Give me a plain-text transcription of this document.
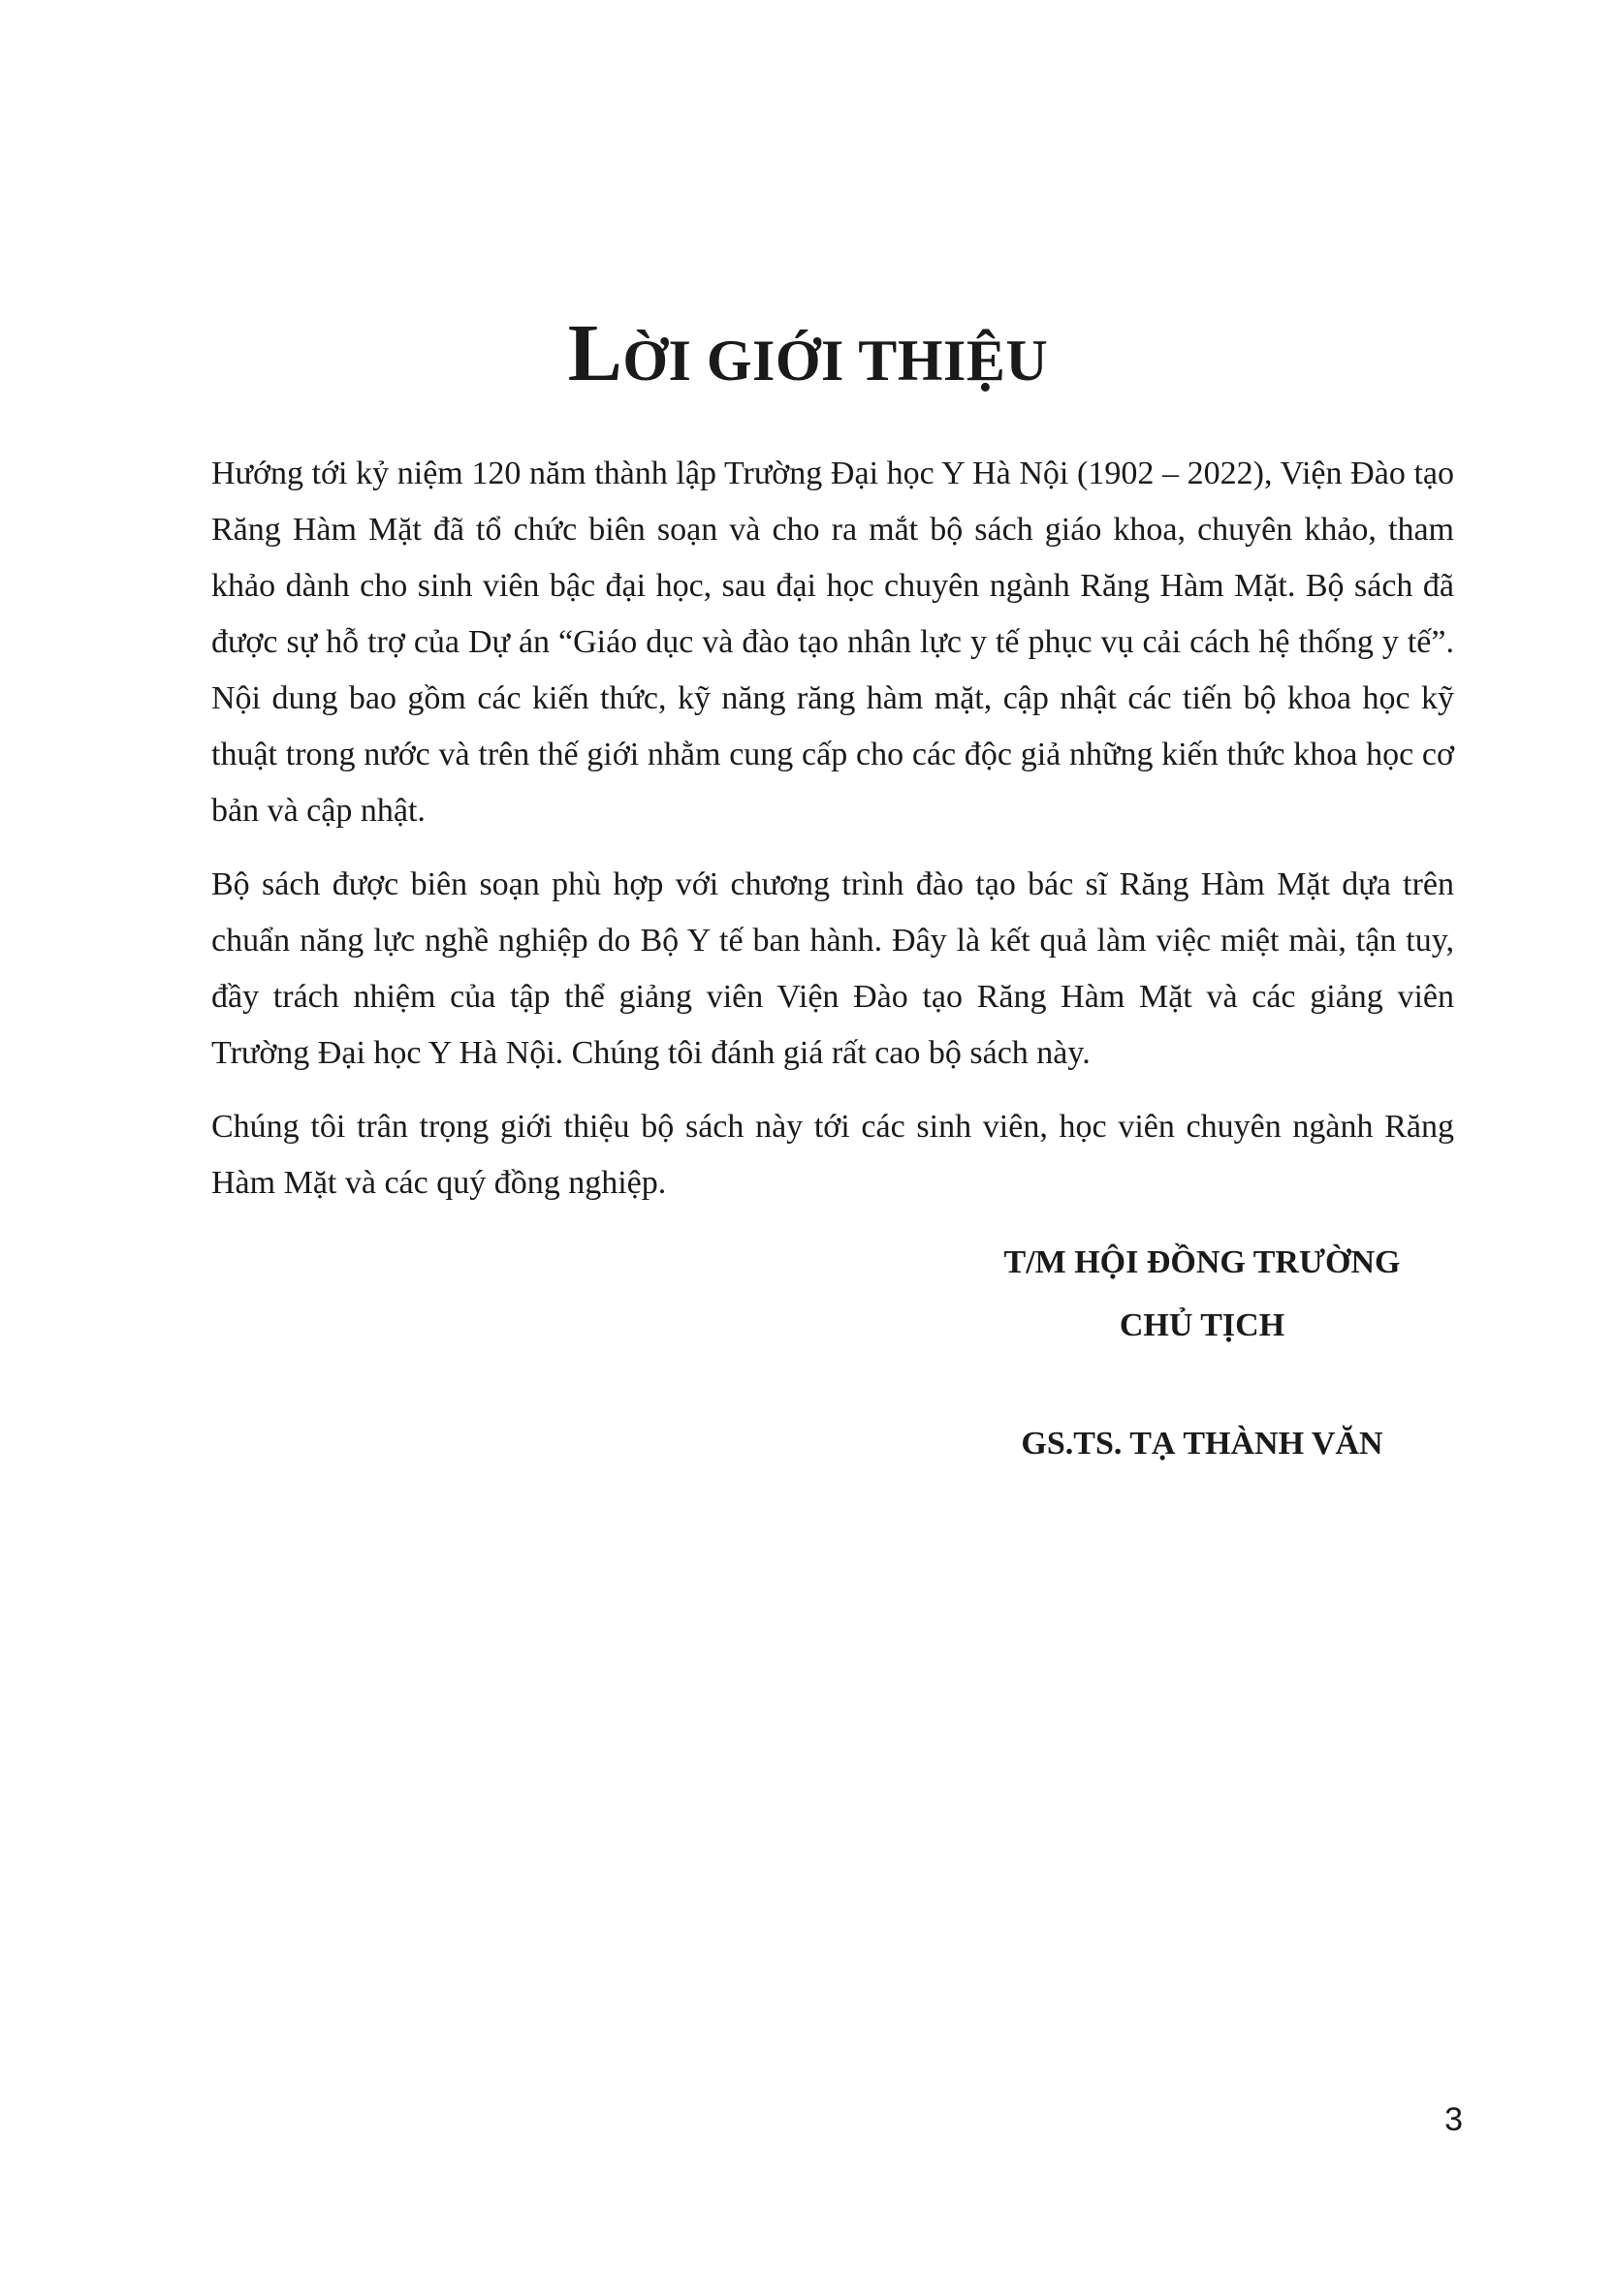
LỜI GIỚI THIỆU

Hướng tới kỷ niệm 120 năm thành lập Trường Đại học Y Hà Nội (1902 – 2022), Viện Đào tạo Răng Hàm Mặt đã tổ chức biên soạn và cho ra mắt bộ sách giáo khoa, chuyên khảo, tham khảo dành cho sinh viên bậc đại học, sau đại học chuyên ngành Răng Hàm Mặt. Bộ sách đã được sự hỗ trợ của Dự án “Giáo dục và đào tạo nhân lực y tế phục vụ cải cách hệ thống y tế”. Nội dung bao gồm các kiến thức, kỹ năng răng hàm mặt, cập nhật các tiến bộ khoa học kỹ thuật trong nước và trên thế giới nhằm cung cấp cho các độc giả những kiến thức khoa học cơ bản và cập nhật.

Bộ sách được biên soạn phù hợp với chương trình đào tạo bác sĩ Răng Hàm Mặt dựa trên chuẩn năng lực nghề nghiệp do Bộ Y tế ban hành. Đây là kết quả làm việc miệt mài, tận tuy, đầy trách nhiệm của tập thể giảng viên Viện Đào tạo Răng Hàm Mặt và các giảng viên Trường Đại học Y Hà Nội. Chúng tôi đánh giá rất cao bộ sách này.

Chúng tôi trân trọng giới thiệu bộ sách này tới các sinh viên, học viên chuyên ngành Răng Hàm Mặt và các quý đồng nghiệp.

T/M HỘI ĐỒNG TRƯỜNG
CHỦ TỊCH
GS.TS. TẠ THÀNH VĂN
3
